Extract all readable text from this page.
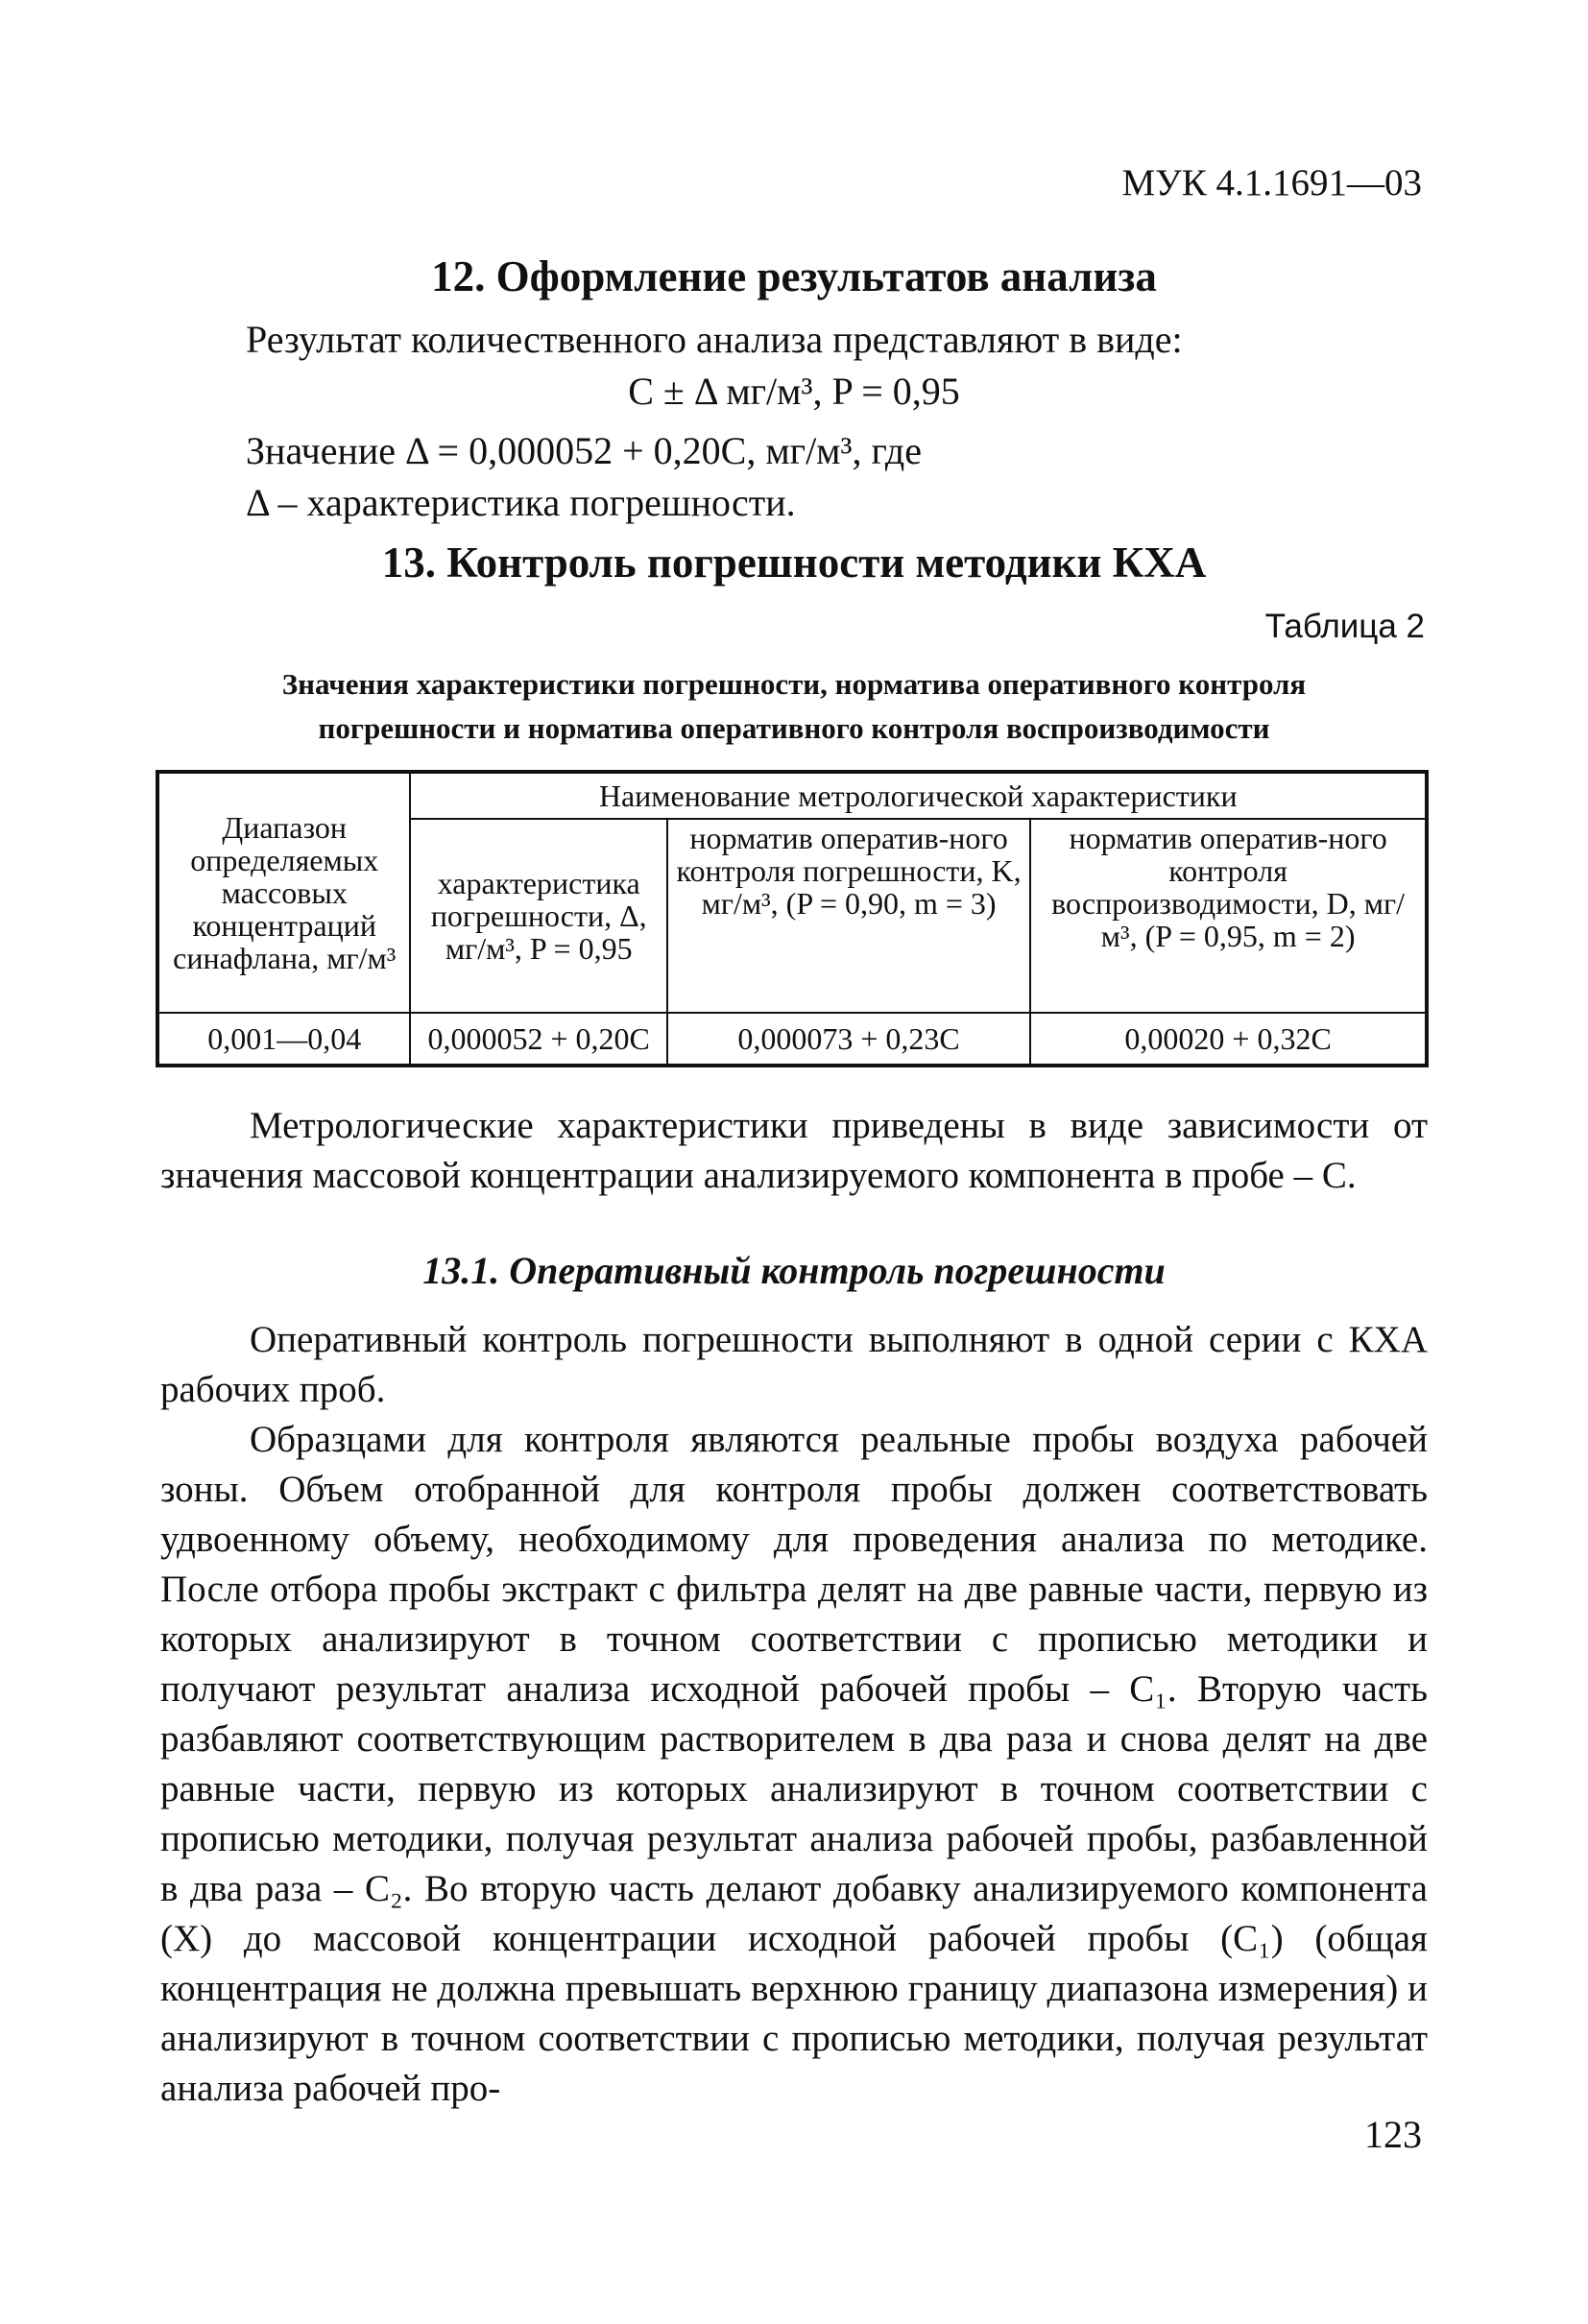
МУК 4.1.1691—03
12. Оформление результатов анализа
Результат количественного анализа представляют в виде:
С ± Δ мг/м³, P = 0,95
Значение Δ = 0,000052 + 0,20C, мг/м³, где
Δ – характеристика погрешности.
13. Контроль погрешности методики КХА
Таблица 2
Значения характеристики погрешности, норматива оперативного контроля
погрешности и норматива оперативного контроля воспроизводимости
Диапазон определяемых массовых концентраций синафлана, мг/м³	Наименование метрологической характеристики		
	характеристика погрешности, Δ, мг/м³, P = 0,95	норматив оператив-ного контроля погрешности, K, мг/м³, (P = 0,90, m = 3)	норматив оператив-ного контроля воспроизводимости, D, мг/м³, (P = 0,95, m = 2)
0,001—0,04	0,000052 + 0,20C	0,000073 + 0,23C	0,00020 + 0,32C
Метрологические характеристики приведены в виде зависимости от значения массовой концентрации анализируемого компонента в пробе – С.
13.1. Оперативный контроль погрешности
Оперативный контроль погрешности выполняют в одной серии с КХА рабочих проб.
Образцами для контроля являются реальные пробы воздуха рабочей зоны. Объем отобранной для контроля пробы должен соответствовать удвоенному объему, необходимому для проведения анализа по методике. После отбора пробы экстракт с фильтра делят на две равные части, первую из которых анализируют в точном соответствии с прописью методики и получают результат анализа исходной рабочей пробы – С₁. Вторую часть разбавляют соответствующим растворителем в два раза и снова делят на две равные части, первую из которых анализируют в точном соответствии с прописью методики, получая результат анализа рабочей пробы, разбавленной в два раза – С₂. Во вторую часть делают добавку анализируемого компонента (X) до массовой концентрации исходной рабочей пробы (С₁) (общая концентрация не должна превышать верхнюю границу диапазона измерения) и анализируют в точном соответствии с прописью методики, получая результат анализа рабочей про-
123
